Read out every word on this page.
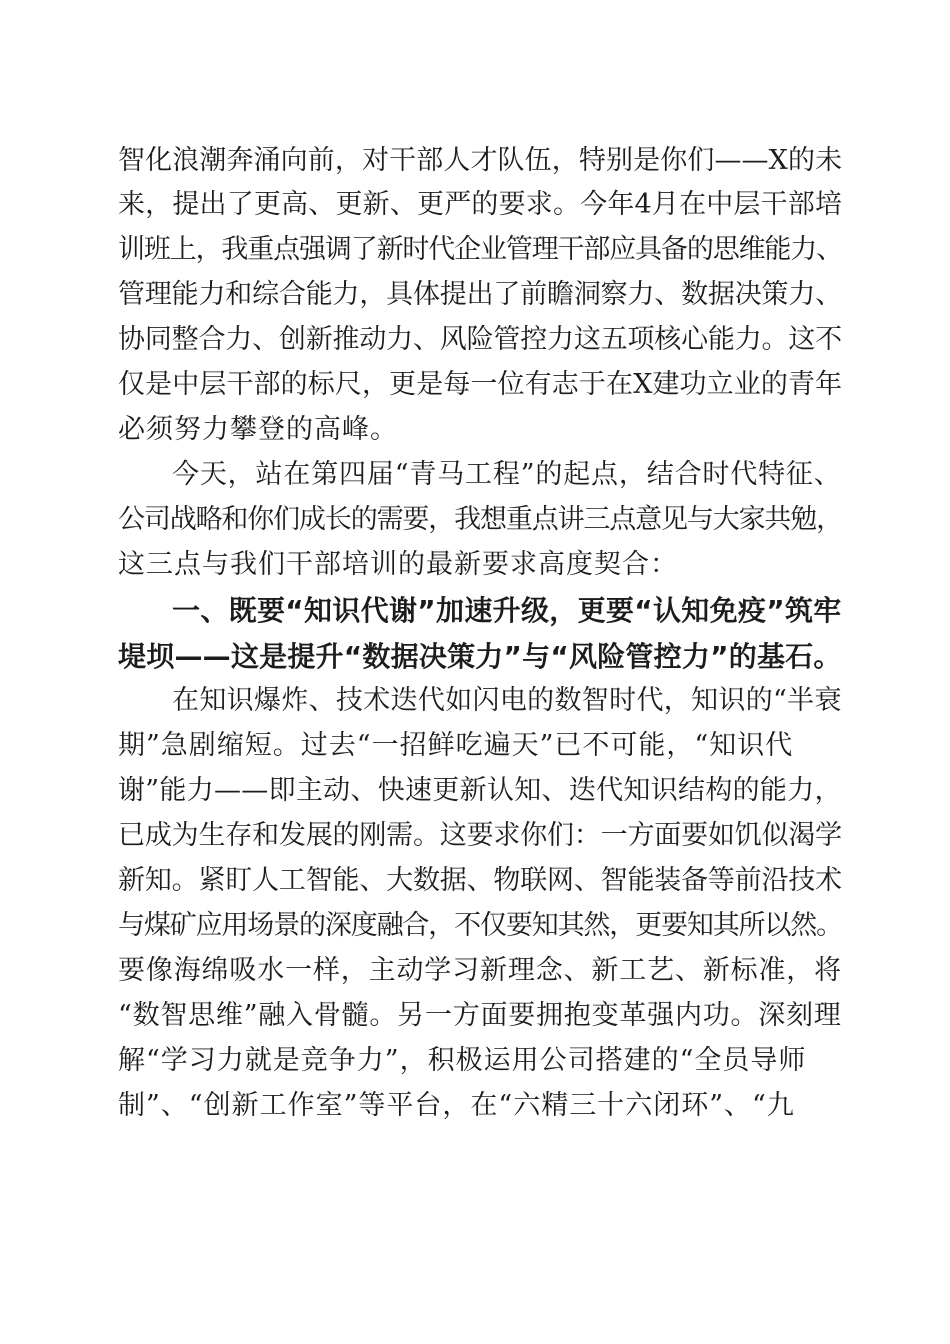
智化浪潮奔涌向前，对干部人才队伍，特别是你们——X的未
来，提出了更高、更新、更严的要求。今年4月在中层干部培
训班上，我重点强调了新时代企业管理干部应具备的思维能力、
管理能力和综合能力，具体提出了前瞻洞察力、数据决策力、
协同整合力、创新推动力、风险管控力这五项核心能力。这不
仅是中层干部的标尺，更是每一位有志于在X建功立业的青年
必须努力攀登的高峰。
今天，站在第四届“青马工程”的起点，结合时代特征、
公司战略和你们成长的需要，我想重点讲三点意见与大家共勉，
这三点与我们干部培训的最新要求高度契合：
一、既要“知识代谢”加速升级，更要“认知免疫”筑牢
堤坝——这是提升“数据决策力”与“风险管控力”的基石。
在知识爆炸、技术迭代如闪电的数智时代，知识的“半衰
期”急剧缩短。过去“一招鲜吃遍天”已不可能，“知识代
谢”能力——即主动、快速更新认知、迭代知识结构的能力，
已成为生存和发展的刚需。这要求你们：一方面要如饥似渴学
新知。紧盯人工智能、大数据、物联网、智能装备等前沿技术
与煤矿应用场景的深度融合，不仅要知其然，更要知其所以然。
要像海绵吸水一样，主动学习新理念、新工艺、新标准，将
“数智思维”融入骨髓。另一方面要拥抱变革强内功。深刻理
解“学习力就是竞争力”，积极运用公司搭建的“全员导师
制”、“创新工作室”等平台，在“六精三十六闭环”、“九
